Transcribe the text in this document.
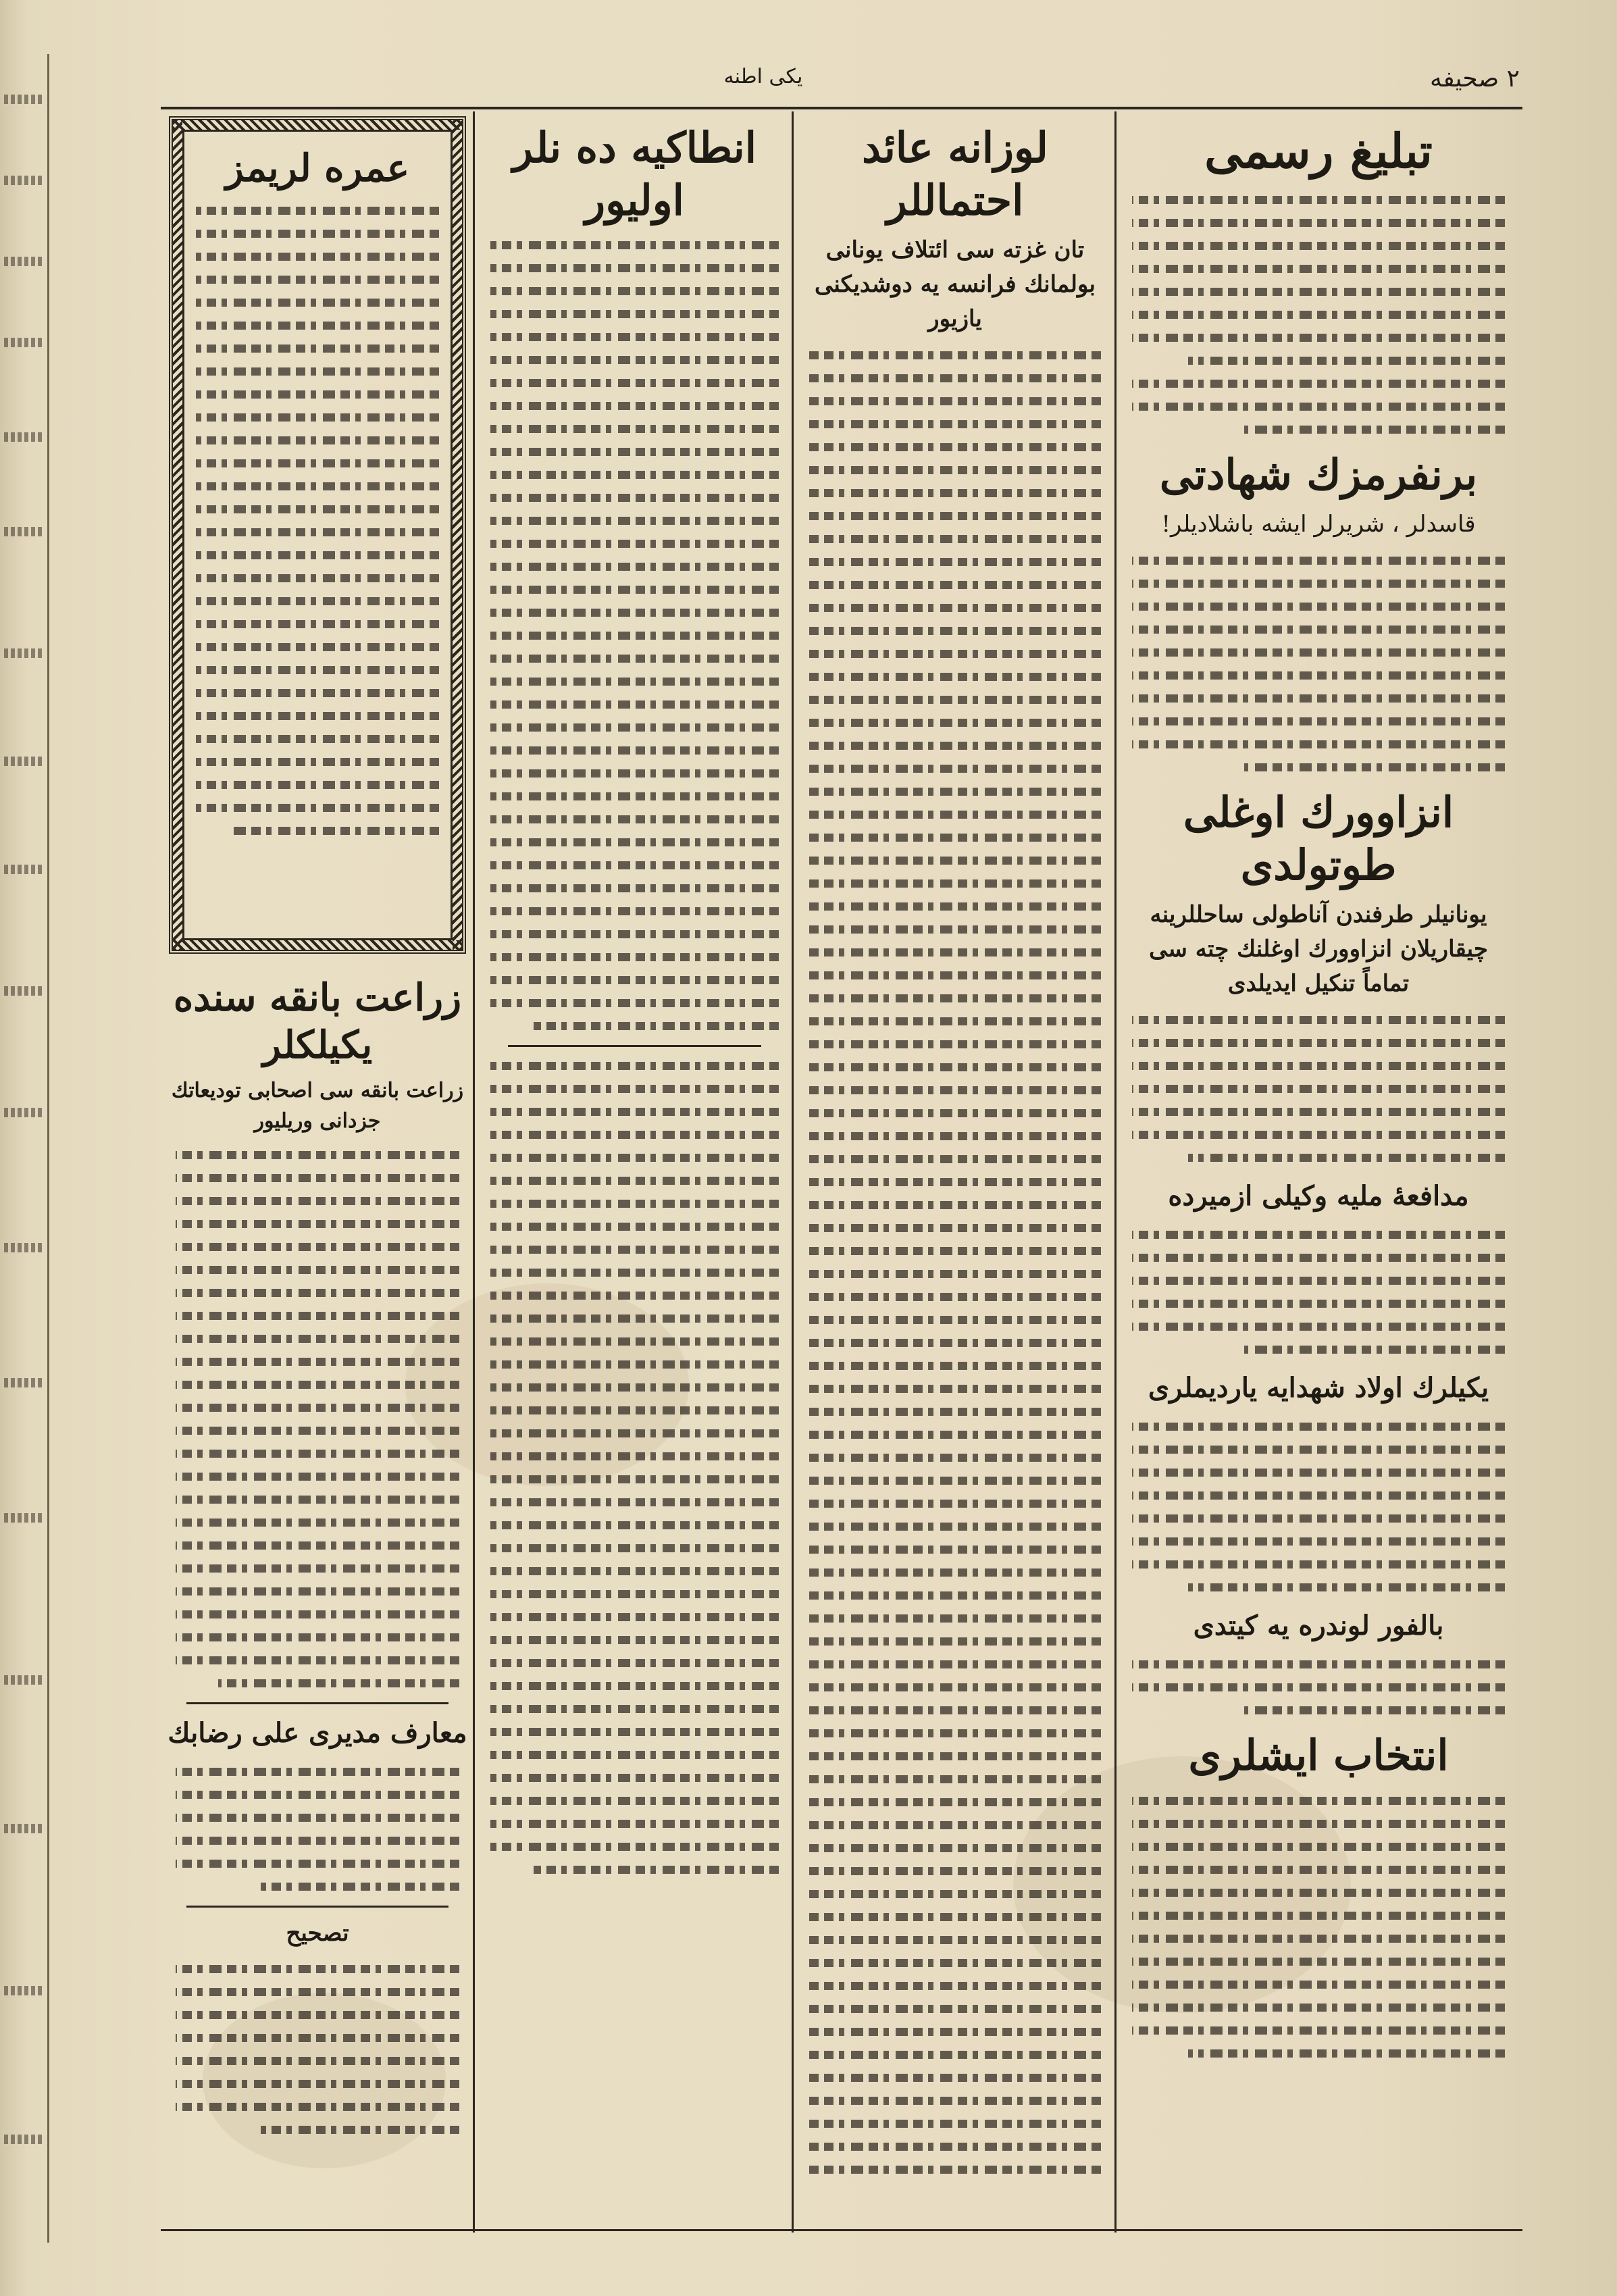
۲ صحیفه
یکی اطنه
تبلیغ رسمی
برنفرمزك شهادتی
قاسدلر ، شریرلر ایشه باشلادیلر!
انزاوورك اوغلی طوتولدی
یونانیلر طرفندن آناطولی ساحللرینه چیقاریلان انزاوورك اوغلنك چته سی تماماً تنکیل ایدیلدی
مدافعهٔ ملیه وکیلی ازمیرده
یکیلرك اولاد شهدایه یاردیملری
بالفور لوندره یه کیتدی
انتخاب ایشلری
لوزانه عائد احتماللر
تان غزته سی ائتلاف یونانی بولمانك فرانسه یه دوشدیکنی یازیور
انطاکیه ده نلر اولیور
عمره لریمز
زراعت بانقه سنده یکیلکلر
زراعت بانقه سی اصحابی تودیعاتك جزدانی وریلیور
معارف مدیری علی رضابك
تصحیح
